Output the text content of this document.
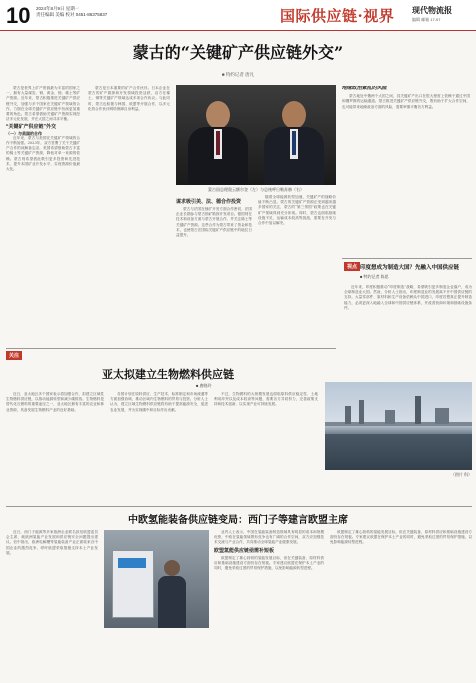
10 2024年8月9日 星期一
责任编辑 美编 校对 0451-86375837	国际供应链·视界 现代物流报
编辑 邮箱 17-07
蒙古的“关键矿产供应链外交”
■ 特约记者 唐凡

蒙古是世界上矿产资源最为丰富的国家之一，拥有大量煤炭、铜、黄金、铀、稀土等矿产资源。近年来，蒙古积极推进关键矿产供应链外交，加强与多个国家在关键矿产领域的合作，力图在全球关键矿产供应链中扮演更加重要的角色。蒙古希望借助关键矿产资源实现经济多元化发展，并在大国之间寻求平衡。

“关键矿产供应链”外交
（一）与美国的合作

近年来，蒙古与美国在关键矿产领域的合作不断加强。2023年，双方签署了关于关键矿产合作的谅解备忘录，美国希望借助蒙古丰富的稀土等关键矿产资源，降低对单一来源的依赖。蒙古则希望借此吸引更多投资和先进技术，提升本国矿业开发水平，实现资源价值最大化。

蒙古是日本重要的矿产合作伙伴。日本企业在蒙古的矿产勘探和开发领域投资活跃，双方在稀土、铜等关键矿产领域达成多项合作协议。与此同时，蒙古也积极与韩国、欧盟等开展合作，以多元化的合作伙伴网络保障自身利益。

蒙古国总理奥云额尔登（左）与总统呼日勒苏赫（右）
谋求吸引美、法、德合作投资

蒙古与法国在铀矿开发方面合作密切，法国企业长期参与蒙古铀矿勘探开发项目。德国则在技术和设备方面与蒙古开展合作，并关注稀土等关键矿产资源。这些合作为蒙古带来了资金和技术，也使蒙古在国际关键矿产供应链中的地位日益提升。

随着全球能源转型加速，关键矿产的战略价值不断凸显。蒙古的关键矿产资源正受到越来越多国家的关注，蒙古的“第三邻国”政策也在关键矿产领域得到充分体现。同时，蒙古也面临基础设施不足、运输成本较高等挑战，需要在开发与合作中加以解决。

地缘政治紊乱的风险

蒙古地处中俄两个大国之间，其关键矿产出口在很大程度上依赖于通过中国和俄罗斯的运输通道。蒙古推进关键矿产供应链外交，既有助于扩大合作空间，也可能带来地缘政治方面的风险，需要审慎平衡各方利益。

视点 印度想成为制造大国？先融入中国供应链
■ 特约记者 陈思

近年来，印度积极推动“印度制造”战略，希望吸引更多制造企业落户，成为全球制造业大国。然而，分析人士指出，印度制造业的发展离不开中国供应链的支持。大量零部件、原材料和生产设备依赖从中国进口，印度若想真正提升制造能力，必须更深入地融入全球和中国供应链体系，并改善营商环境和基础设施条件。

（图片 科）
关注
亚太拟建立生物燃料供应链
■ 唐晓玲

近日，亚太地区多个国家表示将加强合作，拟建立区域性生物燃料供应链，以推动能源转型和减少碳排放。生物燃料是替代化石燃料的重要途径之一，亚太地区拥有丰富的农业和林业资源，具备发展生物燃料产业的良好基础。

各国计划在原料供应、生产技术、标准制定和市场流通等方面加强协调，推动区域内生物燃料的贸易与投资。分析人士认为，建立区域生物燃料供应链将有助于提高能源安全，促进农业发展，并为实现碳中和目标作出贡献。

不过，生物燃料的大规模发展也面临原料供应稳定性、土地利用冲突以及成本较高等问题，需要各方共同努力，完善政策支持和技术创新，以实现产业可持续发展。

中欧氢能装备供应链变局：西门子等建言欧盟主席

近日，西门子能源等多家欧洲企业联名致信欧盟委员会主席，就欧洲氢能产业发展和供应链安全问题提出建议。信中指出，欧洲电解槽等氢能装备产业正面临来自中国企业的激烈竞争，呼吁欧盟采取措施支持本土产业发展。

业内人士表示，中国在氢能装备制造领域具有明显的成本和规模优势，中欧在氢能领域既有竞争也有广阔的合作空间，双方应加强技术交流与产业合作，共同推动全球氢能产业健康发展。

欧盟氢能供应链亟需补短板

欧盟制定了雄心勃勃的氢能发展目标，但在关键装备、原材料供应和基础设施建设方面仍存在短板。专家建议欧盟在保护本土产业的同时，避免采取过度的贸易保护措施，以免影响能源转型进程。

欧盟制定了雄心勃勃的氢能发展目标，但在关键装备、原材料供应和基础设施建设方面仍存在短板。专家建议欧盟在保护本土产业的同时，避免采取过度的贸易保护措施，以免影响能源转型进程。
